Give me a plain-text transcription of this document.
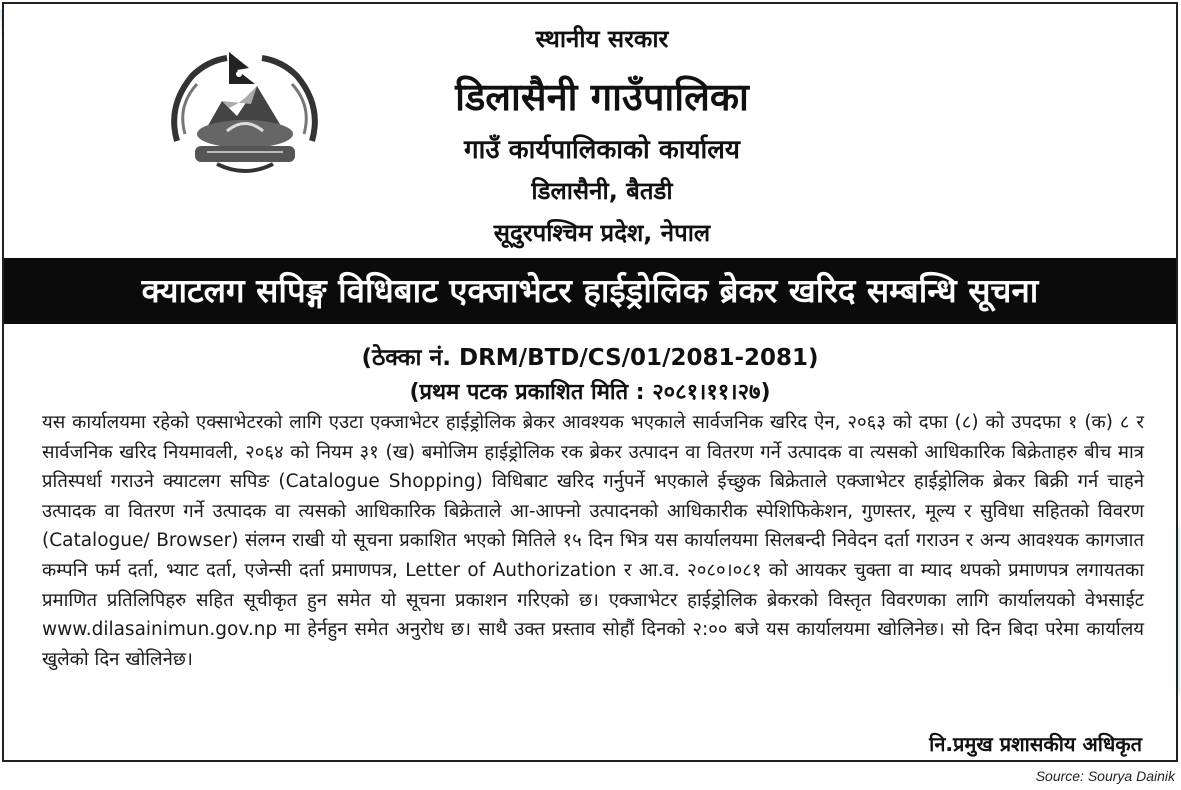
स्थानीय सरकार
डिलासैनी गाउँपालिका
गाउँ कार्यपालिकाको कार्यालय
डिलासैनी, बैतडी
सूदुरपश्चिम प्रदेश, नेपाल
क्याटलग सपिङ्ग विधिबाट एक्जाभेटर हाईड्रोलिक ब्रेकर खरिद सम्बन्धि सूचना
(ठेक्का नं. DRM/BTD/CS/01/2081-2081)
(प्रथम पटक प्रकाशित मिति : २०८१।११।२७)

यस कार्यालयमा रहेको एक्साभेटरको लागि एउटा एक्जाभेटर हाईड्रोलिक ब्रेकर आवश्यक भएकाले सार्वजनिक खरिद ऐन, २०६३ को दफा (८) को उपदफा १ (क) ८ र सार्वजनिक खरिद नियमावली, २०६४ को नियम ३१ (ख) बमोजिम हाईड्रोलिक रक ब्रेकर उत्पादन वा वितरण गर्ने उत्पादक वा त्यसको आधिकारिक बिक्रेताहरु बीच मात्र प्रतिस्पर्धा गराउने क्याटलग सपिङ (Catalogue Shopping) विधिबाट खरिद गर्नुपर्ने भएकाले ईच्छुक बिक्रेताले एक्जाभेटर हाईड्रोलिक ब्रेकर बिक्री गर्न चाहने उत्पादक वा वितरण गर्ने उत्पादक वा त्यसको आधिकारिक बिक्रेताले आ-आफ्नो उत्पादनको आधिकारीक स्पेशिफिकेशन, गुणस्तर, मूल्य र सुविधा सहितको विवरण (Catalogue/ Browser) संलग्न राखी यो सूचना प्रकाशित भएको मितिले १५ दिन भित्र यस कार्यालयमा सिलबन्दी निवेदन दर्ता गराउन र अन्य आवश्यक कागजात कम्पनि फर्म दर्ता, भ्याट दर्ता, एजेन्सी दर्ता प्रमाणपत्र, Letter of Authorization र आ.व. २०८०।०८१ को आयकर चुक्ता वा म्याद थपको प्रमाणपत्र लगायतका प्रमाणित प्रतिलिपिहरु सहित सूचीकृत हुन समेत यो सूचना प्रकाशन गरिएको छ। एक्जाभेटर हाईड्रोलिक ब्रेकरको विस्तृत विवरणका लागि कार्यालयको वेभसाईट www.dilasainimun.gov.np मा हेर्नहुन समेत अनुरोध छ। साथै उक्त प्रस्ताव सोहौं दिनको २:०० बजे यस कार्यालयमा खोलिनेछ। सो दिन बिदा परेमा कार्यालय खुलेको दिन खोलिनेछ।

नि.प्रमुख प्रशासकीय अधिकृत
Source: Sourya Dainik
